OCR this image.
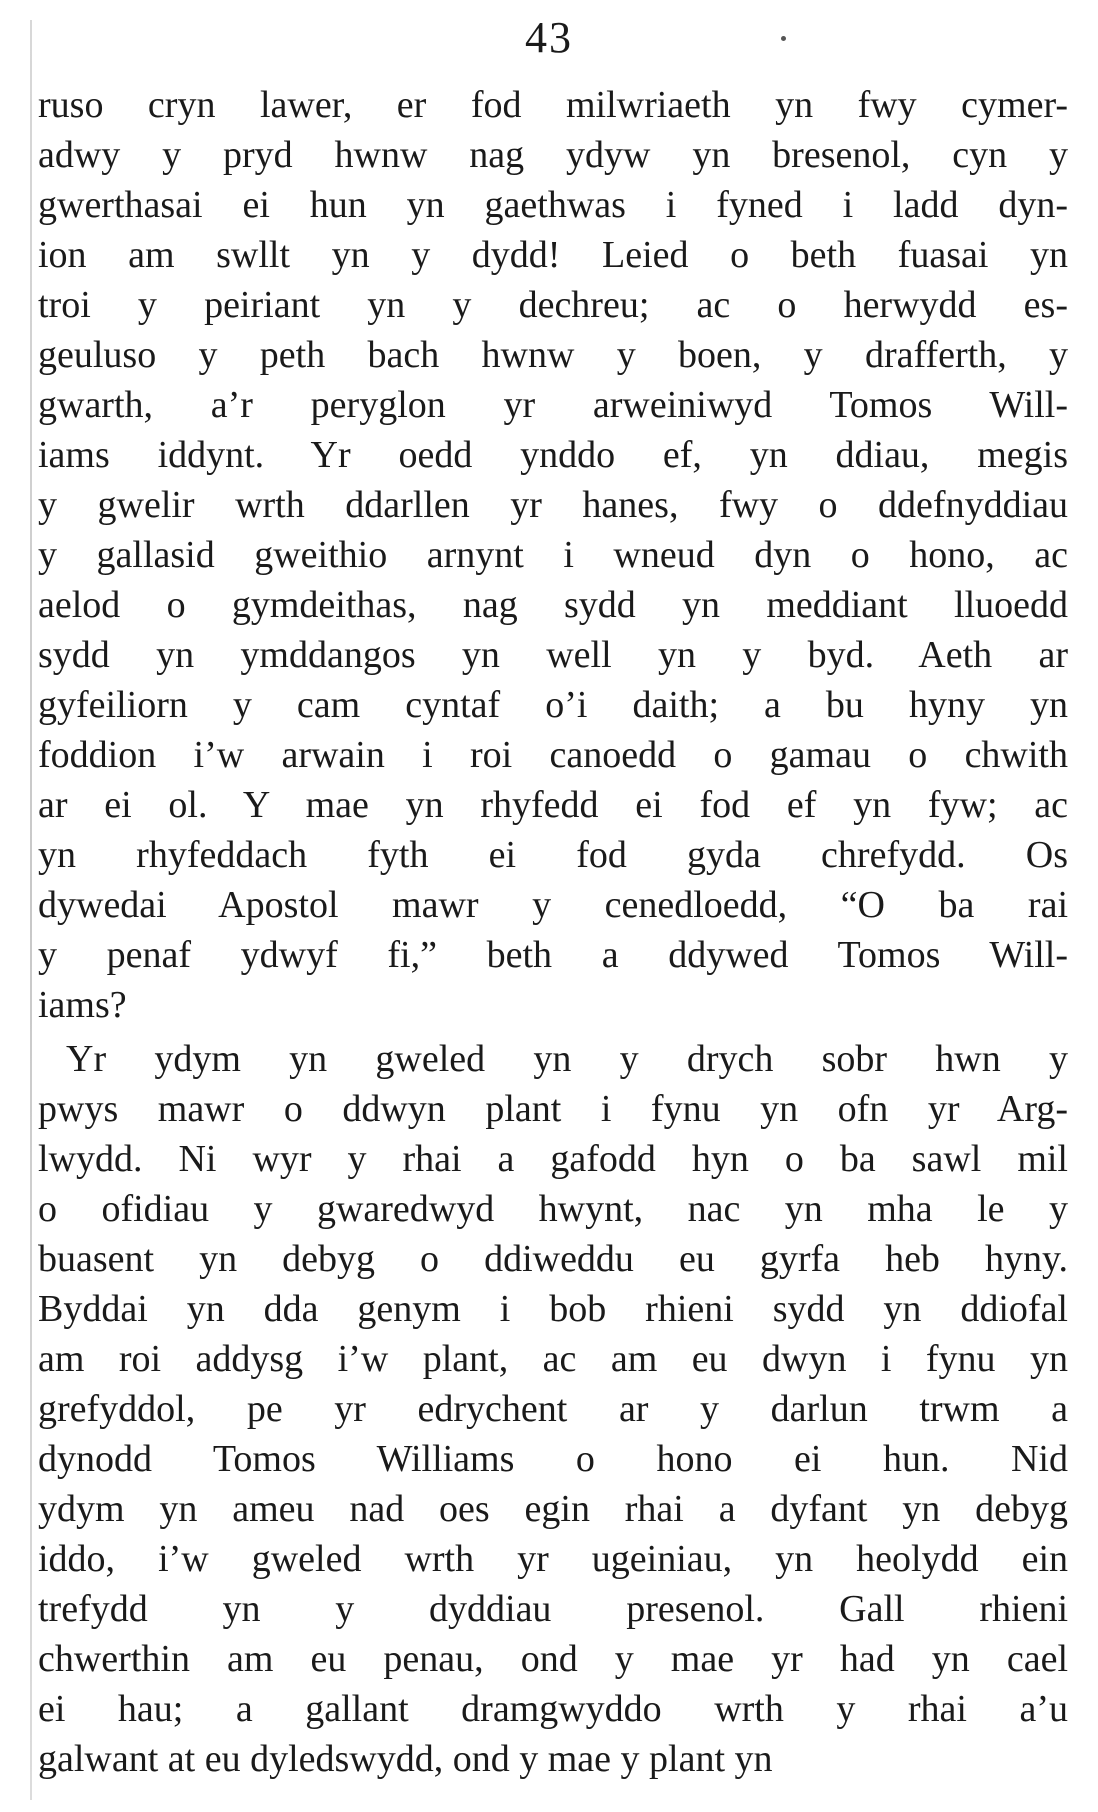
43
ruso cryn lawer, er fod milwriaeth yn fwy cymer-
adwy y pryd hwnw nag ydyw yn bresenol, cyn y
gwerthasai ei hun yn gaethwas i fyned i ladd dyn-
ion am swllt yn y dydd! Leied o beth fuasai yn
troi y peiriant yn y dechreu; ac o herwydd es-
geuluso y peth bach hwnw y boen, y drafferth, y
gwarth, a’r peryglon yr arweiniwyd Tomos Will-
iams iddynt. Yr oedd ynddo ef, yn ddiau, megis
y gwelir wrth ddarllen yr hanes, fwy o ddefnyddiau
y gallasid gweithio arnynt i wneud dyn o hono, ac
aelod o gymdeithas, nag sydd yn meddiant lluoedd
sydd yn ymddangos yn well yn y byd. Aeth ar
gyfeiliorn y cam cyntaf o’i daith; a bu hyny yn
foddion i’w arwain i roi canoedd o gamau o chwith
ar ei ol. Y mae yn rhyfedd ei fod ef yn fyw; ac
yn rhyfeddach fyth ei fod gyda chrefydd. Os
dywedai Apostol mawr y cenedloedd, “O ba rai
y penaf ydwyf fi,” beth a ddywed Tomos Will-
iams?
Yr ydym yn gweled yn y drych sobr hwn y
pwys mawr o ddwyn plant i fynu yn ofn yr Arg-
lwydd. Ni wyr y rhai a gafodd hyn o ba sawl mil
o ofidiau y gwaredwyd hwynt, nac yn mha le y
buasent yn debyg o ddiweddu eu gyrfa heb hyny.
Byddai yn dda genym i bob rhieni sydd yn ddiofal
am roi addysg i’w plant, ac am eu dwyn i fynu yn
grefyddol, pe yr edrychent ar y darlun trwm a
dynodd Tomos Williams o hono ei hun. Nid
ydym yn ameu nad oes egin rhai a dyfant yn debyg
iddo, i’w gweled wrth yr ugeiniau, yn heolydd ein
trefydd yn y dyddiau presenol. Gall rhieni
chwerthin am eu penau, ond y mae yr had yn cael
ei hau; a gallant dramgwyddo wrth y rhai a’u
galwant at eu dyledswydd, ond y mae y plant yn
